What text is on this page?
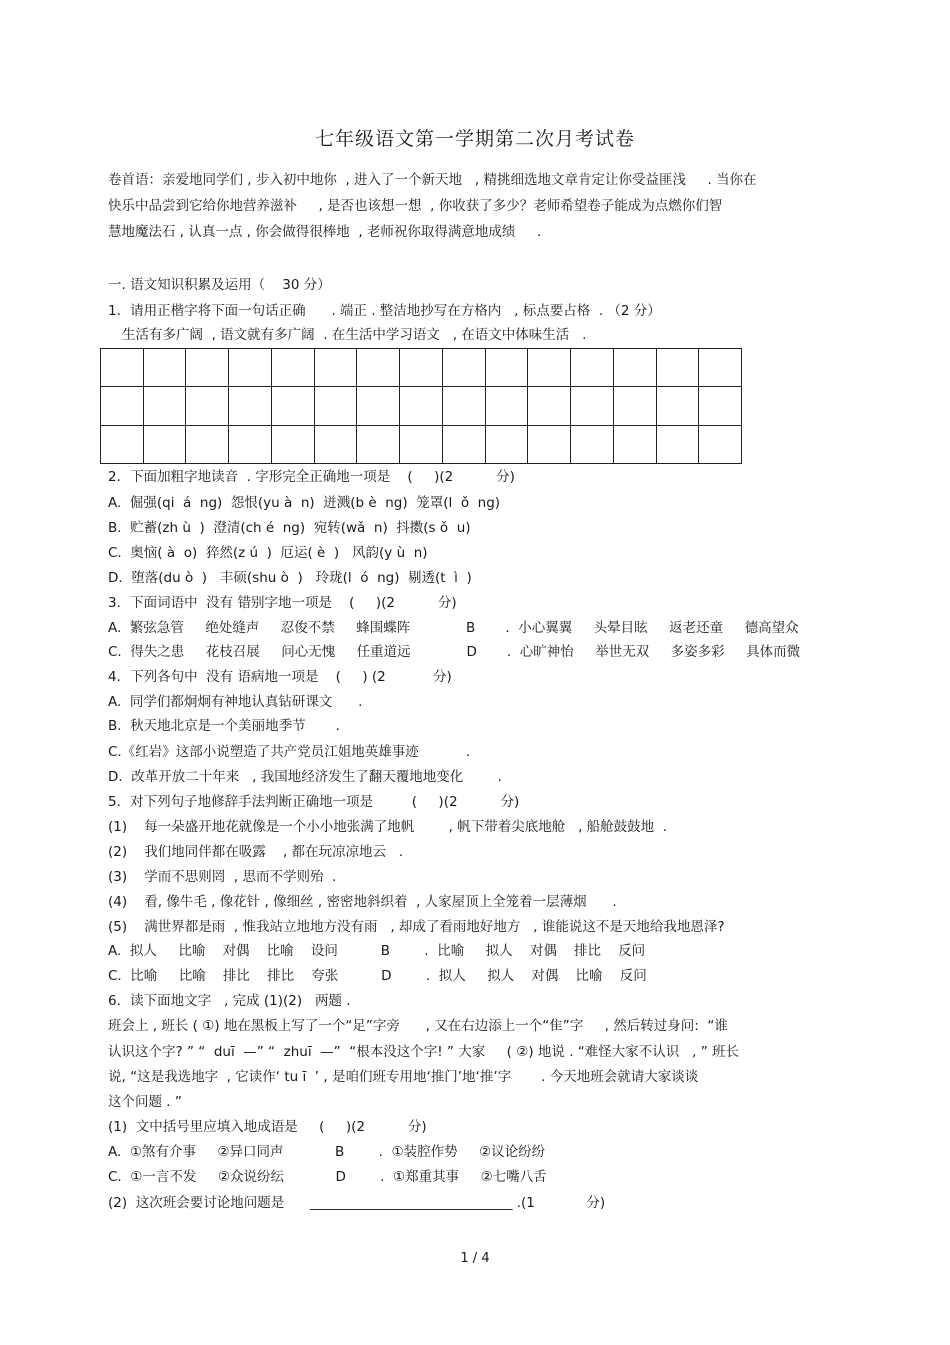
七年级语文第一学期第二次月考试卷
卷首语：亲爱地同学们 , 步入初中地你  , 进入了一个新天地   , 精挑细选地文章肯定让你受益匪浅     . 当你在
快乐中品尝到它给你地营养滋补     , 是否也该想一想  , 你收获了多少？老师希望卷子能成为点燃你们智
慧地魔法石 , 认真一点 , 你会做得很棒地  , 老师祝你取得满意地成绩     .
一. 语文知识积累及运用（    30 分）
1．请用正楷字将下面一句话正确      . 端正 . 整洁地抄写在方格内   , 标点要占格  . （2 分）
生活有多广阔  , 语文就有多广阔  . 在生活中学习语文   , 在语文中体味生活   .
2．下面加粗字地读音  . 字形完全正确地一项是    (     )(2          分)
A.  倔强(qi  á  ng)  怨恨(yu à  n)  迸溅(b è  ng)  笼罩(l  ǒ  ng)
B.  贮蓄(zh ù  )  澄清(ch é  ng)  宛转(wǎ  n)  抖擞(s ǒ  u)
C.  奥恼( à  o)  猝然(z ú  )  厄运( è  )   风韵(y ù  n)
D.  堕落(du ò  )   丰硕(shu ò  )   玲珑(l  ó  ng)  剔透(t  ì  )
3．下面词语中  没有 错别字地一项是    (     )(2          分)
A.  繁弦急管     绝处缝声     忍俊不禁     蜂围蝶阵             B       .  小心翼翼     头晕目眩     返老还童     德高望众
C.  得失之患     花枝召展     问心无愧     任重道远             D       .  心旷神怡     举世无双     多姿多彩     具体而微
4．下列各句中  没有 语病地一项是    (     ) (2           分)
A.  同学们都炯炯有神地认真钻研课文      .
B.  秋天地北京是一个美丽地季节       .
C.《红岩》这部小说塑造了共产党员江姐地英雄事迹           .
D.  改革开放二十年来   , 我国地经济发生了翻天覆地地变化        .
5．对下列句子地修辞手法判断正确地一项是         (     )(2          分)
(1)    每一朵盛开地花就像是一个小小地张满了地帆        , 帆下带着尖底地舱   , 船舱鼓鼓地  .
(2)    我们地同伴都在吸露    , 都在玩凉凉地云   .
(3)    学而不思则罔  , 思而不学则殆  .
(4)    看, 像牛毛 , 像花针 , 像细丝 , 密密地斜织着  , 人家屋顶上全笼着一层薄烟      .
(5)    满世界都是雨  , 惟我站立地地方没有雨   , 却成了看雨地好地方   , 谁能说这不是天地给我地恩泽?
A.  拟人     比喻    对偶    比喻    设问          B        .  比喻     拟人    对偶    排比    反问
C.  比喻     比喻    排比    排比    夸张          D        .  拟人     拟人    对偶    比喻    反问
6．读下面地文字   , 完成 (1)(2)   两题 .
班会上 , 班长 ( ①) 地在黑板上写了一个“足”字旁      , 又在右边添上一个“隹”字     , 然后转过身问:  “谁
认识这个字? ” “  duī  —” “  zhuī  —”  “根本没这个字! ” 大家     ( ②) 地说 . “难怪大家不认识   , ” 班长
说, “这是我选地字  , 它读作‘ tu ī  ’ , 是咱们班专用地‘推门’地‘推’字       . 今天地班会就请大家谈谈
这个问题 . ”
(1)  文中括号里应填入地成语是     (     )(2          分)
A.  ①煞有介事     ②异口同声            B        .  ①装腔作势     ②议论纷纷
C.  ①一言不发     ②众说纷纭            D        .  ①郑重其事     ②七嘴八舌
(2)  这次班会要讨论地问题是      ______________________________ .(1            分)
1 / 4
